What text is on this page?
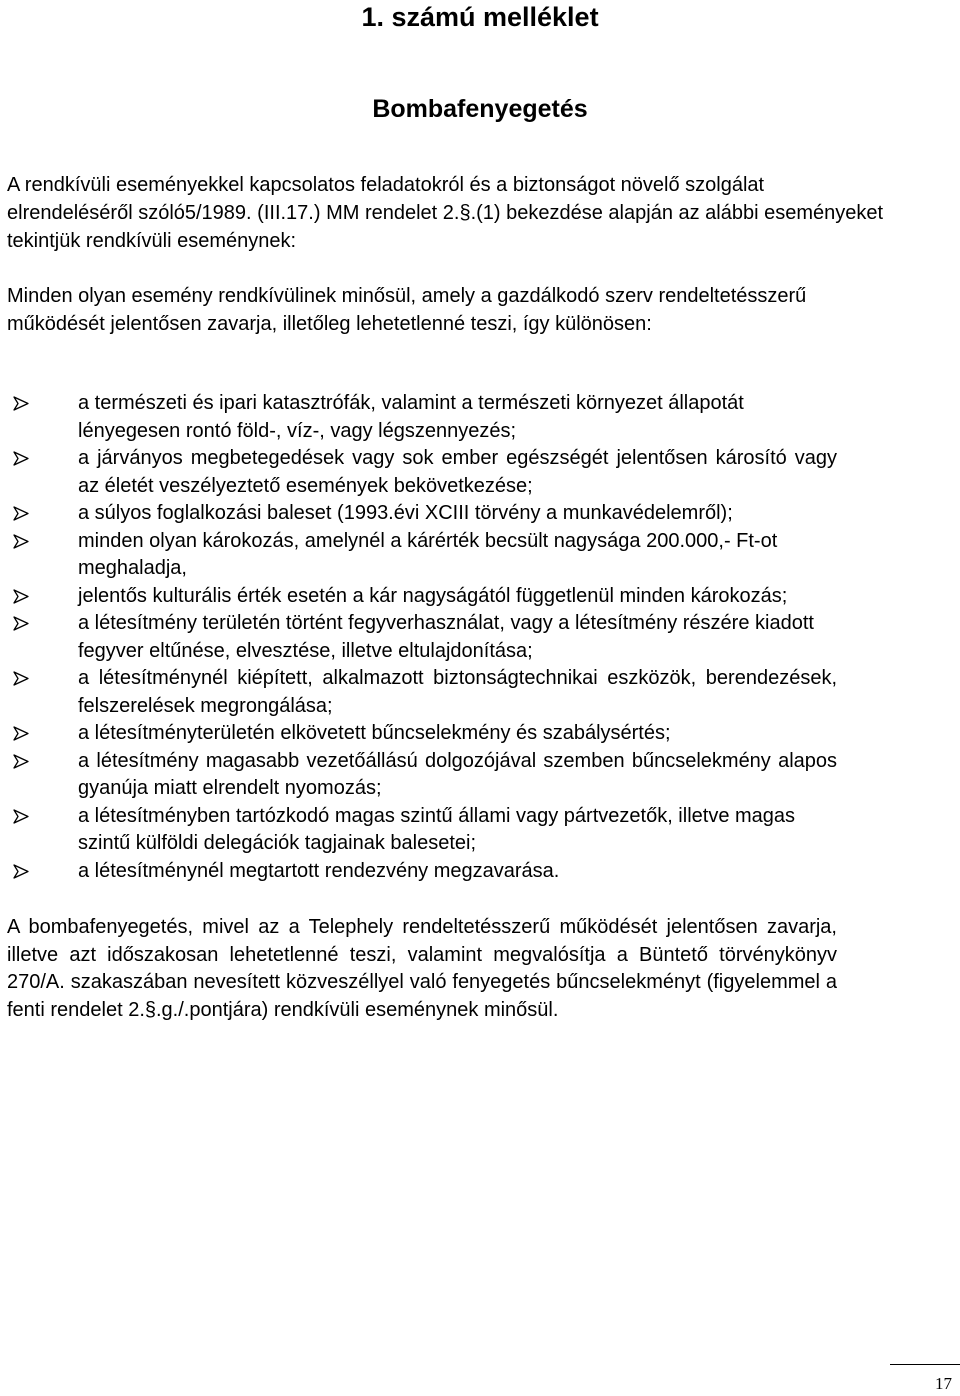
1. számú melléklet
Bombafenyegetés

A rendkívüli eseményekkel kapcsolatos feladatokról és a biztonságot növelő szolgálat elrendeléséről szóló5/1989. (III.17.) MM rendelet 2.§.(1) bekezdése alapján az alábbi eseményeket tekintjük rendkívüli eseménynek:

Minden olyan esemény rendkívülinek minősül, amely a gazdálkodó szerv rendeltetésszerű működését jelentősen zavarja, illetőleg lehetetlenné teszi, így különösen:

a természeti és ipari katasztrófák, valamint a természeti környezet állapotát lényegesen rontó föld-, víz-, vagy légszennyezés;
a járványos megbetegedések vagy sok ember egészségét jelentősen károsító vagy az életét veszélyeztető események bekövetkezése;
a súlyos foglalkozási baleset (1993.évi XCIII törvény a munkavédelemről);
minden olyan károkozás, amelynél a kárérték becsült nagysága 200.000,- Ft-ot meghaladja,
jelentős kulturális érték esetén a kár nagyságától függetlenül minden károkozás;
a létesítmény területén történt fegyverhasználat, vagy a létesítmény részére kiadott fegyver eltűnése, elvesztése, illetve eltulajdonítása;
a létesítménynél kiépített, alkalmazott biztonságtechnikai eszközök, berendezések, felszerelések megrongálása;
a létesítményterületén elkövetett bűncselekmény és szabálysértés;
a létesítmény magasabb vezetőállású dolgozójával szemben bűncselekmény alapos gyanúja miatt elrendelt nyomozás;
a létesítményben tartózkodó magas szintű állami vagy pártvezetők, illetve magas szintű külföldi delegációk tagjainak balesetei;
a létesítménynél megtartott rendezvény megzavarása.

A bombafenyegetés, mivel az a Telephely rendeltetésszerű működését jelentősen zavarja, illetve azt időszakosan lehetetlenné teszi, valamint megvalósítja a Büntető törvénykönyv 270/A. szakaszában nevesített közveszéllyel való fenyegetés bűncselekményt (figyelemmel a fenti rendelet 2.§.g./.pontjára) rendkívüli eseménynek minősül.

17
